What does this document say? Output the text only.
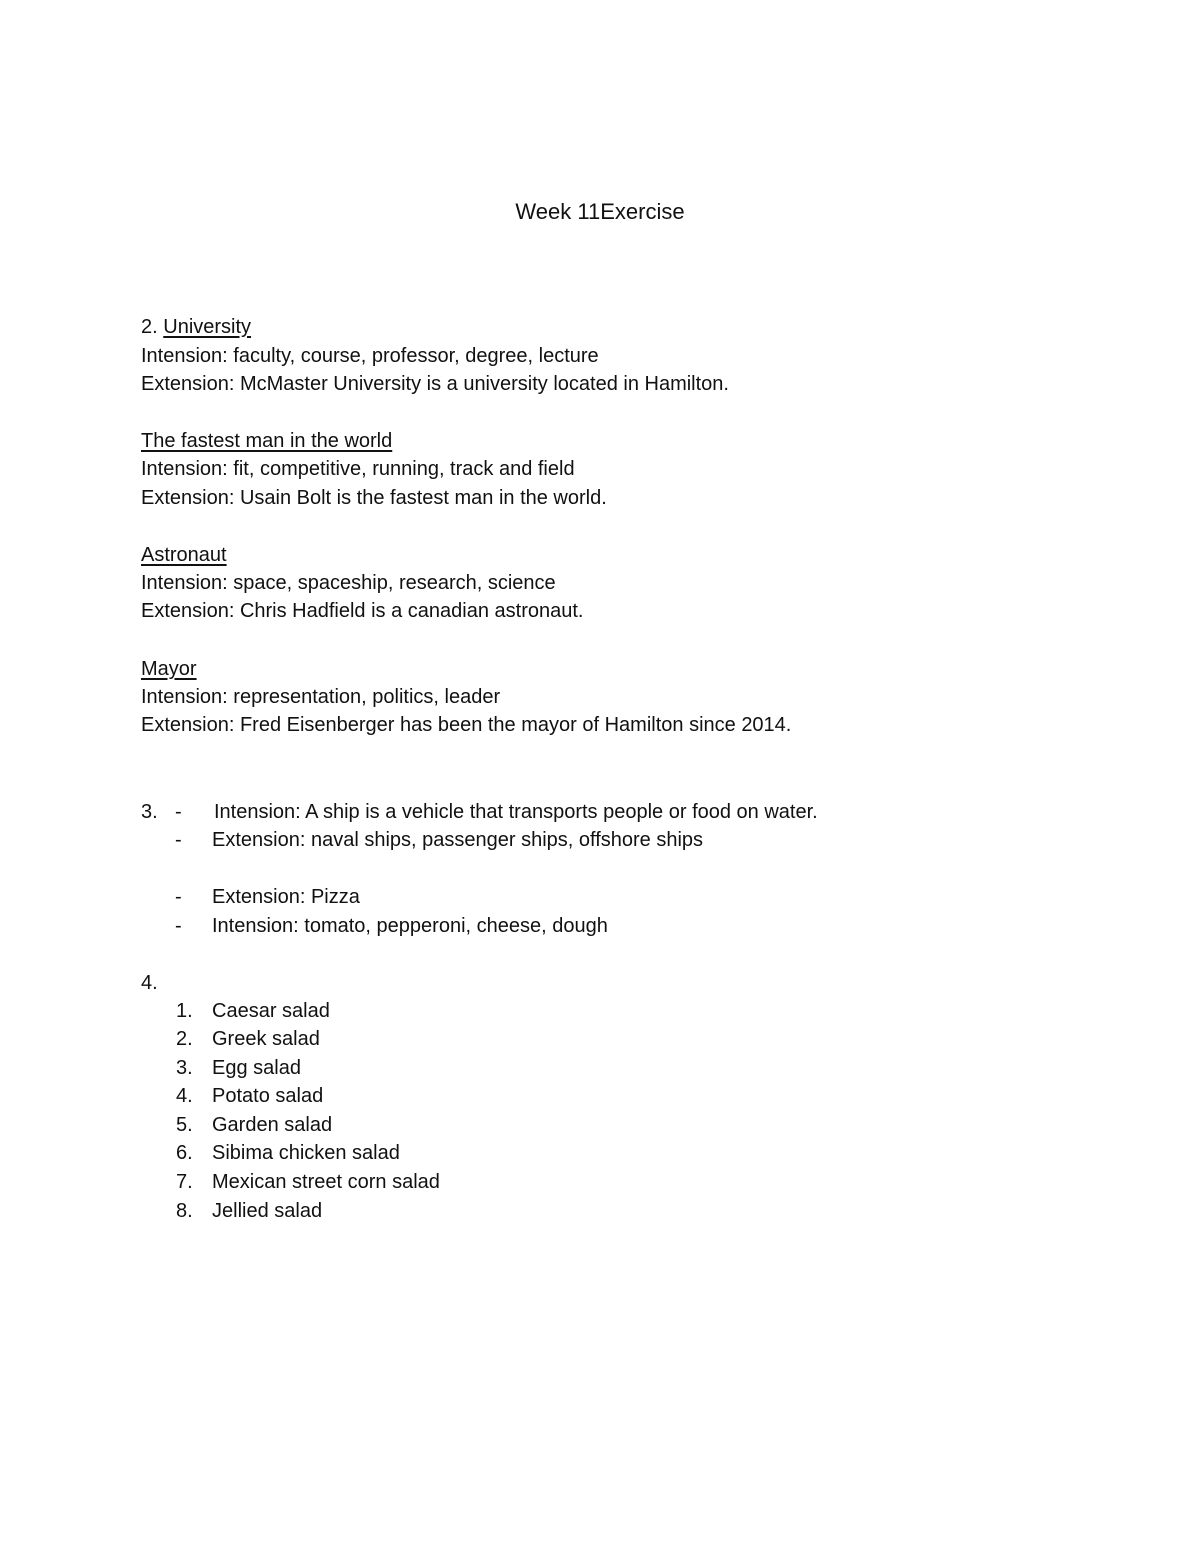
Week 11Exercise
2. University
Intension: faculty, course, professor, degree, lecture
Extension: McMaster University is a university located in Hamilton.
The fastest man in the world
Intension: fit, competitive, running, track and field
Extension: Usain Bolt is the fastest man in the world.
Astronaut
Intension: space, spaceship, research, science
Extension: Chris Hadfield is a canadian astronaut.
Mayor
Intension: representation, politics, leader
Extension: Fred Eisenberger has been the mayor of Hamilton since 2014.
3. - Intension: A ship is a vehicle that transports people or food on water.
- Extension: naval ships, passenger ships, offshore ships
- Extension: Pizza
- Intension: tomato, pepperoni, cheese, dough
4.
1. Caesar salad
2. Greek salad
3. Egg salad
4. Potato salad
5. Garden salad
6. Sibima chicken salad
7. Mexican street corn salad
8. Jellied salad
